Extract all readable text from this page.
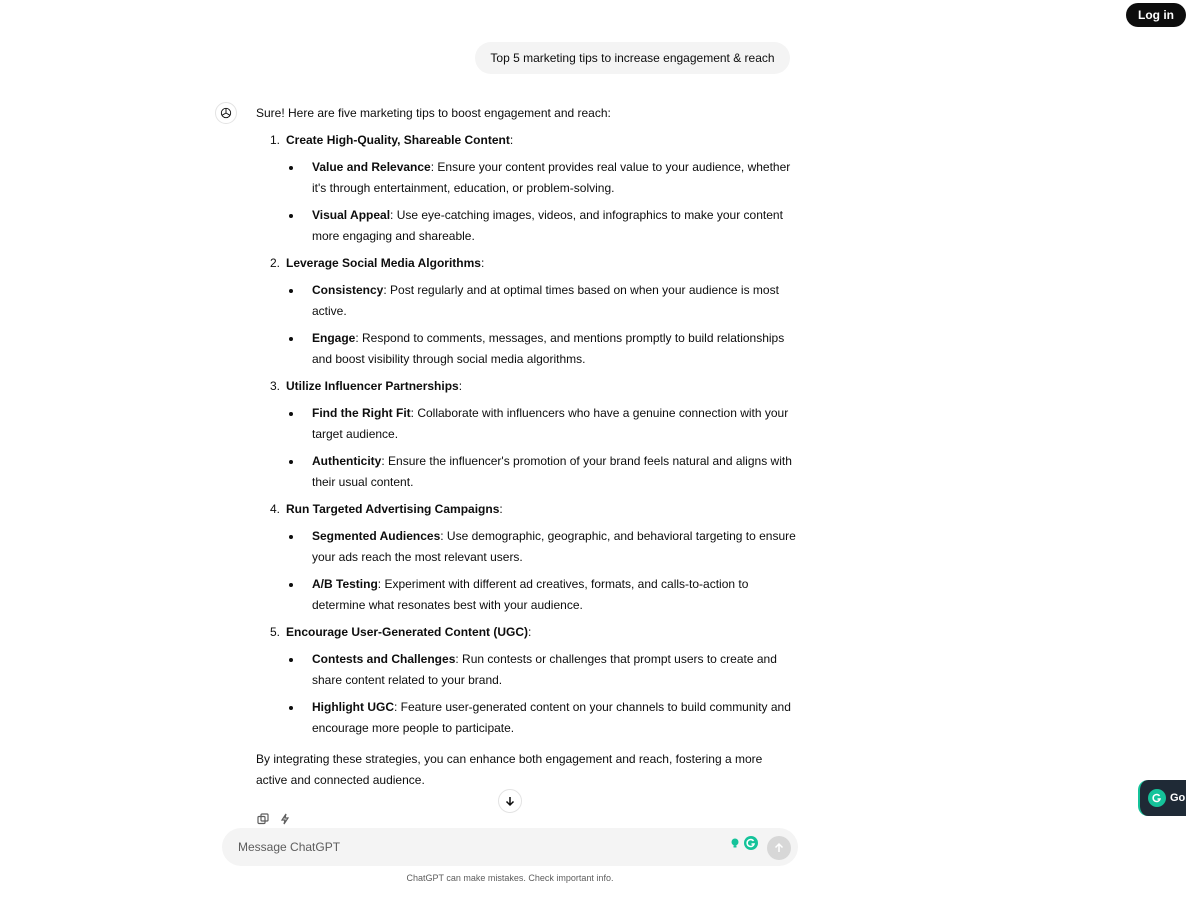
Log in
Top 5 marketing tips to increase engagement & reach

Sure! Here are five marketing tips to boost engagement and reach:

1. Create High-Quality, Shareable Content:
Value and Relevance: Ensure your content provides real value to your audience, whether it's through entertainment, education, or problem-solving.
Visual Appeal: Use eye-catching images, videos, and infographics to make your content more engaging and shareable.
2. Leverage Social Media Algorithms:
Consistency: Post regularly and at optimal times based on when your audience is most active.
Engage: Respond to comments, messages, and mentions promptly to build relationships and boost visibility through social media algorithms.
3. Utilize Influencer Partnerships:
Find the Right Fit: Collaborate with influencers who have a genuine connection with your target audience.
Authenticity: Ensure the influencer's promotion of your brand feels natural and aligns with their usual content.
4. Run Targeted Advertising Campaigns:
Segmented Audiences: Use demographic, geographic, and behavioral targeting to ensure your ads reach the most relevant users.
A/B Testing: Experiment with different ad creatives, formats, and calls-to-action to determine what resonates best with your audience.
5. Encourage User-Generated Content (UGC):
Contests and Challenges: Run contests or challenges that prompt users to create and share content related to your brand.
Highlight UGC: Feature user-generated content on your channels to build community and encourage more people to participate.

By integrating these strategies, you can enhance both engagement and reach, fostering a more active and connected audience.

Message ChatGPT
ChatGPT can make mistakes. Check important info.
Go
